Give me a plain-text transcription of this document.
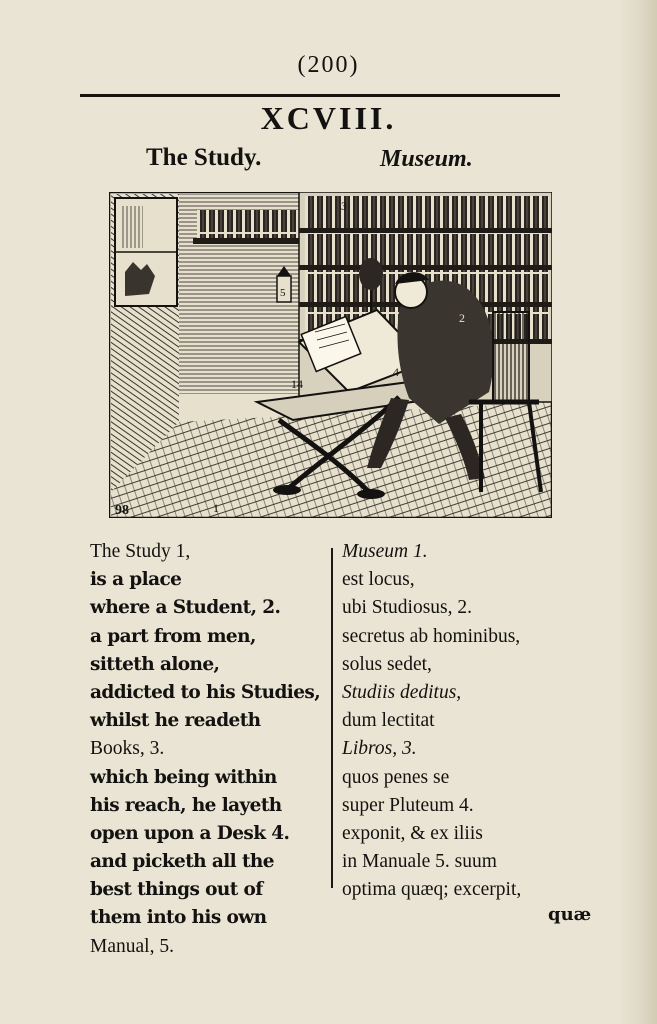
(200)
XCVIII.
The Study.	Museum.
98	1
3
4
5
14
2
The Study 1,
is a place
where a Student, 2.
a part from men,
sitteth alone,
addicted to his Studies,
whilst he readeth
Books, 3.
which being within
his reach, he layeth
open upon a Desk 4.
and picketh all the
best things out of
them into his own
Manual, 5.
Museum 1.
est locus,
ubi Studiosus, 2.
secretus ab hominibus,
solus sedet,
Studiis deditus,
dum lectitat
Libros, 3.
quos penes se
super Pluteum 4.
exponit, & ex iliis
in Manuale 5. suum
optima quæq; excerpit,
quæ
